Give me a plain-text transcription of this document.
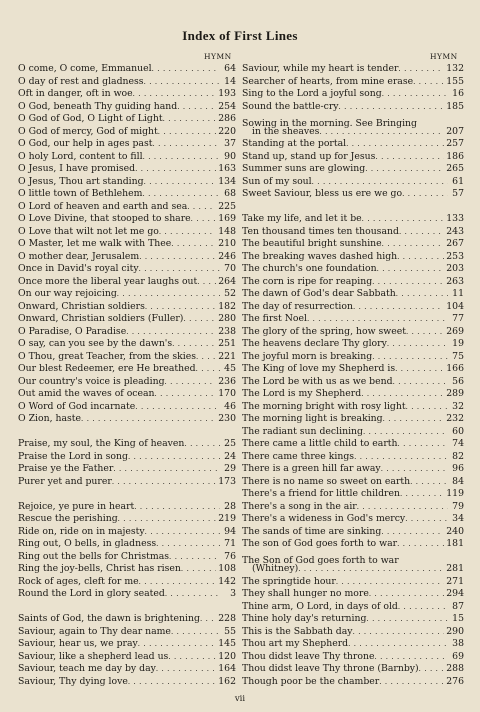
Index of First Lines
HYMN	HYMN
O come, O come, Emmanuel . . .	64
O day of rest and gladness . . .	14
Oft in danger, oft in woe . . .	193
O God, beneath Thy guiding hand . . .	254
O God of God, O Light of Light . . .	286
O God of mercy, God of might . . .	220
O God, our help in ages past . . .	37
O holy Lord, content to fill . . .	90
O Jesus, I have promised . . .	163
O Jesus, Thou art standing . . .	134
O little town of Bethlehem . . .	68
O Lord of heaven and earth and sea . . .	225
O Love Divine, that stooped to share . . .	169
O Love that wilt not let me go . . .	148
O Master, let me walk with Thee . . .	210
O mother dear, Jerusalem . . .	246
Once in David's royal city . . .	70
Once more the liberal year laughs out . . . 264
On our way rejoicing . . .	52
Onward, Christian soldiers . . .	182
Onward, Christian soldiers (Fuller) . . .	280
O Paradise, O Paradise . . .	238
O say, can you see by the dawn's . . .	251
O Thou, great Teacher, from the skies . . . 221
Our blest Redeemer, ere He breathed . . .	45
Our country's voice is pleading . . .	236
Out amid the waves of ocean . . .	170
O Word of God incarnate . . .	46
O Zion, haste . . .	230
Praise, my soul, the King of heaven . . .	25
Praise the Lord in song . . .	24
Praise ye the Father . . .	29
Purer yet and purer . . .	173
Rejoice, ye pure in heart . . .	28
Rescue the perishing . . .	219
Ride on, ride on in majesty . . .	94
Ring out, O bells, in gladness . . .	71
Ring out the bells for Christmas . . .	76
Ring the joy-bells, Christ has risen . . .	108
Rock of ages, cleft for me . . .	142
Round the Lord in glory seated . . .	3
Saints of God, the dawn is brightening . . . 228
Saviour, again to Thy dear name . . .	55
Saviour, hear us, we pray . . .	145
Saviour, like a shepherd lead us . . .	120
Saviour, teach me day by day . . .	164
Saviour, Thy dying love . . .	162
Saviour, while my heart is tender . . .	132
Searcher of hearts, from mine erase . . .	155
Sing to the Lord a joyful song . . .	16
Sound the battle-cry . . .	185
Sowing in the morning. See Bringing
in the sheaves . . .	207
Standing at the portal . . .	257
Stand up, stand up for Jesus . . .	186
Summer suns are glowing . . .	265
Sun of my soul . . .	61
Sweet Saviour, bless us ere we go . . .	57
Take my life, and let it be . . .	133
Ten thousand times ten thousand . . .	243
The beautiful bright sunshine . . .	267
The breaking waves dashed high . . .	253
The church's one foundation . . .	203
The corn is ripe for reaping . . .	263
The dawn of God's dear Sabbath . . .	11
The day of resurrection . . .	104
The first Noel . . .	77
The glory of the spring, how sweet . . .	269
The heavens declare Thy glory . . .	19
The joyful morn is breaking . . .	75
The King of love my Shepherd is . . .	166
The Lord be with us as we bend . . .	56
The Lord is my Shepherd . . .	289
The morning bright with rosy light . . .	32
The morning light is breaking . . .	232
The radiant sun declining . . .	60
There came a little child to earth . . .	74
There came three kings . . .	82
There is a green hill far away . . .	96
There is no name so sweet on earth . . .	84
There's a friend for little children . . .	119
There's a song in the air . . .	79
There's a wideness in God's mercy . . .	34
The sands of time are sinking . . .	240
The son of God goes forth to war . . .	181
The Son of God goes forth to war
(Whitney) . . .	281
The springtide hour . . .	271
They shall hunger no more . . .	294
Thine arm, O Lord, in days of old . . .	87
Thine holy day's returning . . .	15
This is the Sabbath day . . .	290
Thou art my Shepherd . . .	38
Thou didst leave Thy throne . . .	69
Thou didst leave Thy throne (Barnby) . . .	288
Though poor be the chamber . . .	276
vii
